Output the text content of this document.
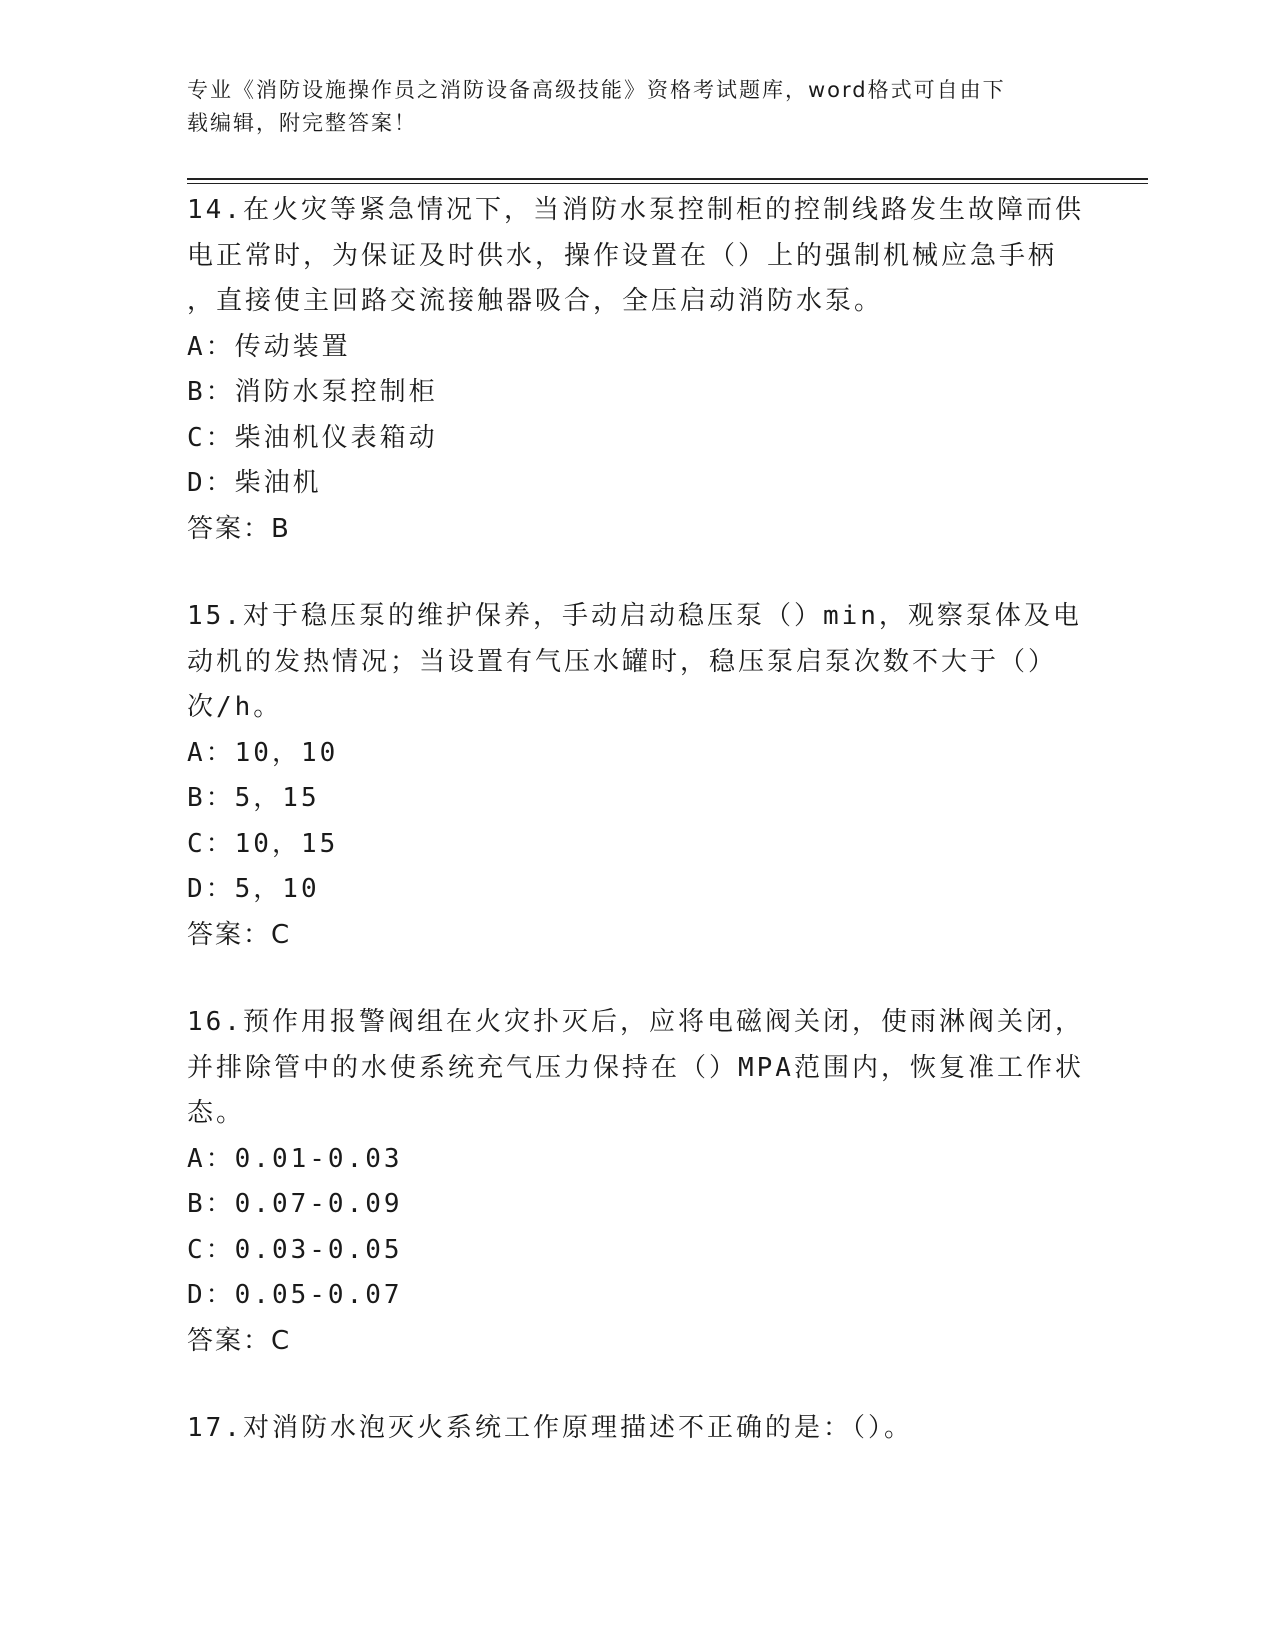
专业《消防设施操作员之消防设备高级技能》资格考试题库，word格式可自由下
载编辑，附完整答案！
14.在火灾等紧急情况下，当消防水泵控制柜的控制线路发生故障而供
电正常时，为保证及时供水，操作设置在（）上的强制机械应急手柄
，直接使主回路交流接触器吸合，全压启动消防水泵。
A：传动装置
B：消防水泵控制柜
C：柴油机仪表箱动
D：柴油机
答案：B
15.对于稳压泵的维护保养，手动启动稳压泵（）min，观察泵体及电
动机的发热情况；当设置有气压水罐时，稳压泵启泵次数不大于（）
次/h。
A：10，10
B：5，15
C：10，15
D：5，10
答案：C
16.预作用报警阀组在火灾扑灭后，应将电磁阀关闭，使雨淋阀关闭，
并排除管中的水使系统充气压力保持在（）MPA范围内，恢复准工作状
态。
A：0.01-0.03
B：0.07-0.09
C：0.03-0.05
D：0.05-0.07
答案：C
17.对消防水泡灭火系统工作原理描述不正确的是：（）。
